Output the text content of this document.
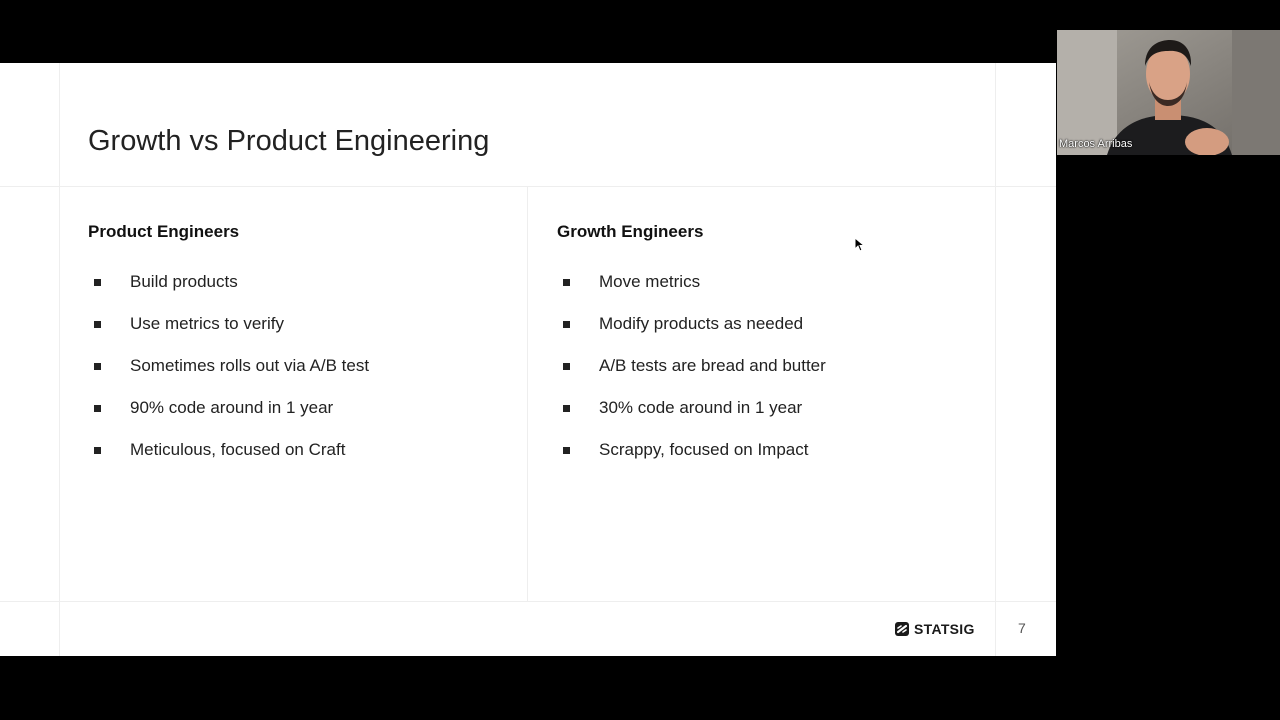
Growth vs Product Engineering
Product Engineers
Build products
Use metrics to verify
Sometimes rolls out via A/B test
90% code around in 1 year
Meticulous, focused on Craft
Growth Engineers
Move metrics
Modify products as needed
A/B tests are bread and butter
30% code around in 1 year
Scrappy, focused on Impact
STATSIG	7
Marcos Arribas
